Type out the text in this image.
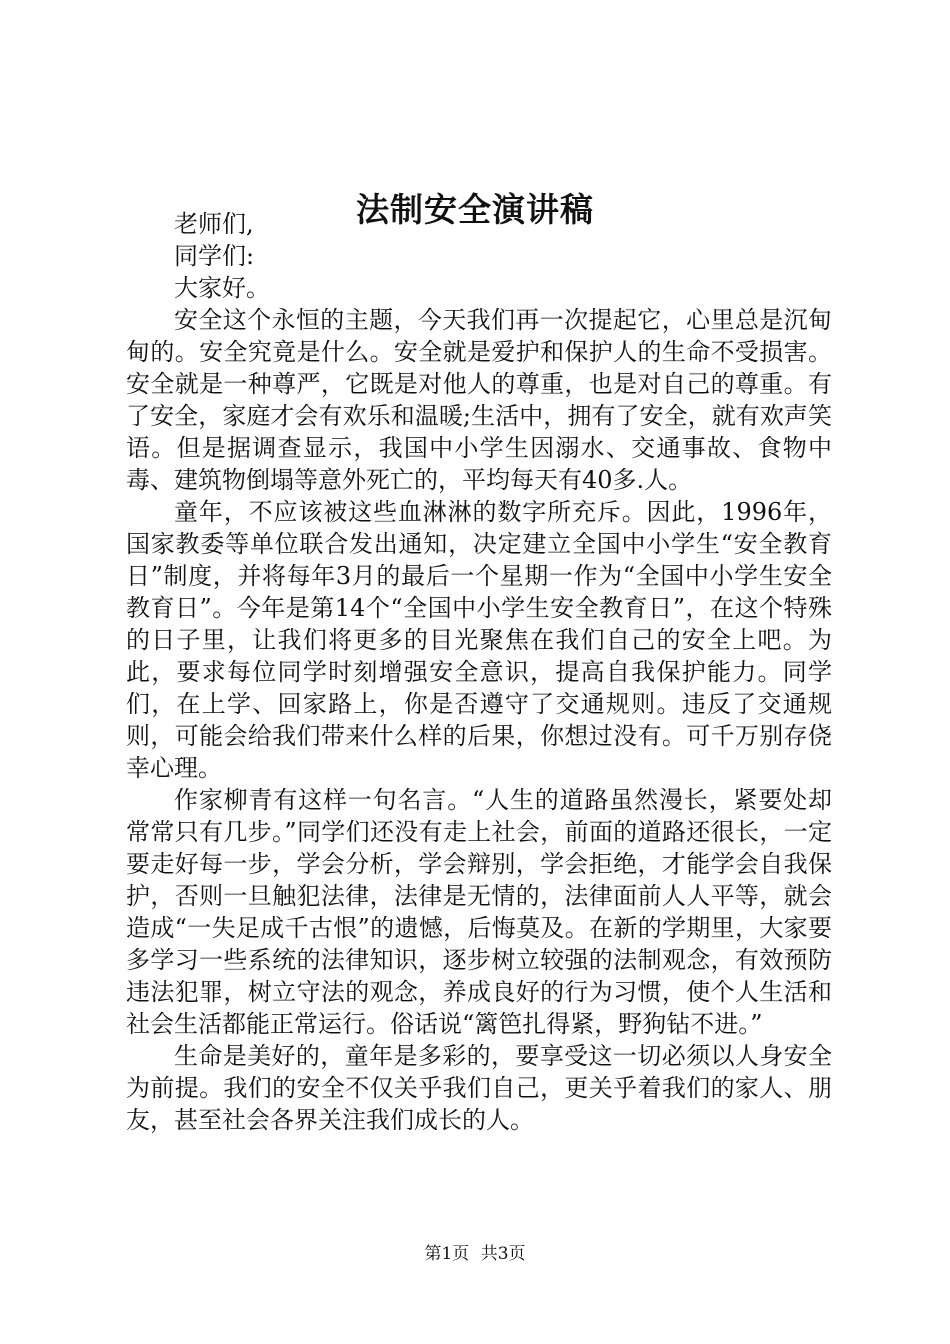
法制安全演讲稿
老师们,
同学们:
大家好。

安全这个永恒的主题，今天我们再一次提起它，心里总是沉甸甸的。安全究竟是什么。安全就是爱护和保护人的生命不受损害。安全就是一种尊严，它既是对他人的尊重，也是对自己的尊重。有了安全，家庭才会有欢乐和温暖;生活中，拥有了安全，就有欢声笑语。但是据调查显示，我国中小学生因溺水、交通事故、食物中毒、建筑物倒塌等意外死亡的，平均每天有40多.人。

童年，不应该被这些血淋淋的数字所充斥。因此，1996年，国家教委等单位联合发出通知，决定建立全国中小学生“安全教育日”制度，并将每年3月的最后一个星期一作为“全国中小学生安全教育日”。今年是第14个“全国中小学生安全教育日”，在这个特殊的日子里，让我们将更多的目光聚焦在我们自己的安全上吧。为此，要求每位同学时刻增强安全意识，提高自我保护能力。同学们，在上学、回家路上，你是否遵守了交通规则。违反了交通规则，可能会给我们带来什么样的后果，你想过没有。可千万别存侥幸心理。

作家柳青有这样一句名言。“人生的道路虽然漫长，紧要处却常常只有几步。”同学们还没有走上社会，前面的道路还很长，一定要走好每一步，学会分析，学会辩别，学会拒绝，才能学会自我保护，否则一旦触犯法律，法律是无情的，法律面前人人平等，就会造成“一失足成千古恨”的遗憾，后悔莫及。在新的学期里，大家要多学习一些系统的法律知识，逐步树立较强的法制观念，有效预防违法犯罪，树立守法的观念，养成良好的行为习惯，使个人生活和社会生活都能正常运行。俗话说“篱笆扎得紧，野狗钻不进。”

生命是美好的，童年是多彩的，要享受这一切必须以人身安全为前提。我们的安全不仅关乎我们自己，更关乎着我们的家人、朋友，甚至社会各界关注我们成长的人。

第1页 共3页
